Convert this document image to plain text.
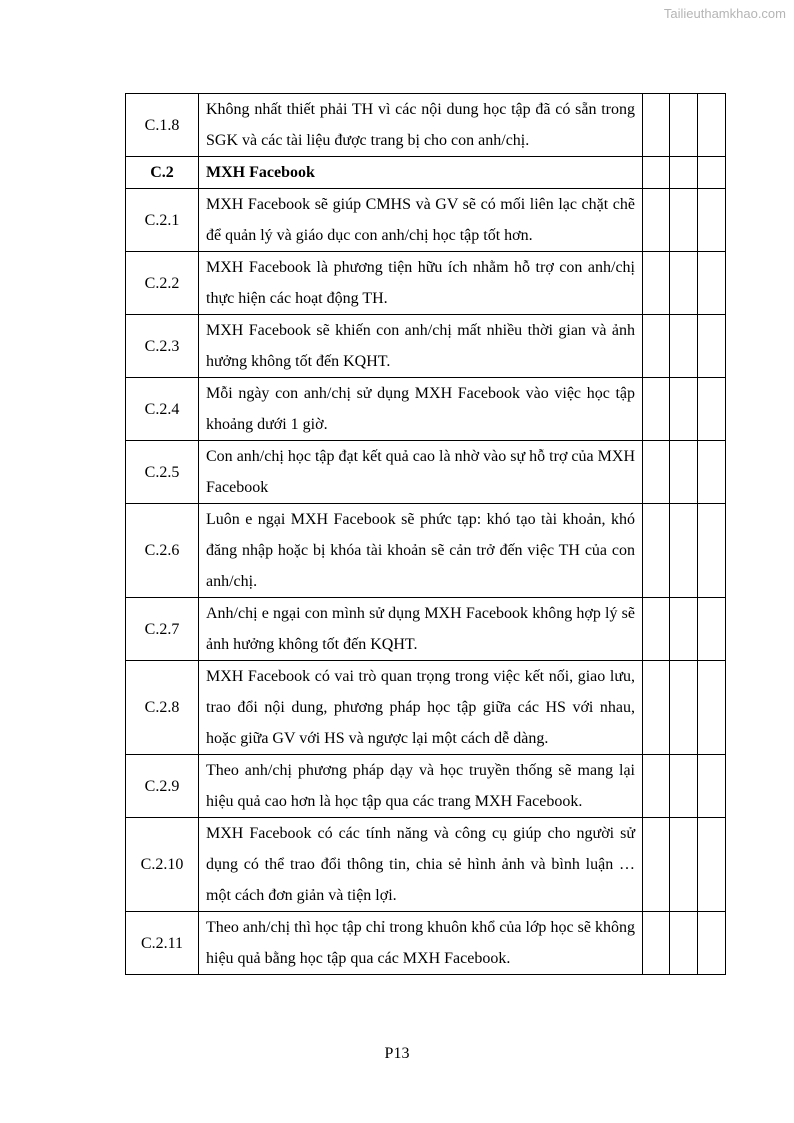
Tailieuthamkhao.com
C.1.8	Không nhất thiết phải TH vì các nội dung học tập đã có sẵn trong SGK và các tài liệu được trang bị cho con anh/chị.			
C.2	MXH Facebook			
C.2.1	MXH Facebook sẽ giúp CMHS và GV sẽ có mối liên lạc chặt chẽ để quản lý và giáo dục con anh/chị học tập tốt hơn.			
C.2.2	MXH Facebook là phương tiện hữu ích nhằm hỗ trợ con anh/chị thực hiện các hoạt động TH.			
C.2.3	MXH Facebook sẽ khiến con anh/chị mất nhiều thời gian và ảnh hưởng không tốt đến KQHT.			
C.2.4	Mỗi ngày con anh/chị sử dụng MXH Facebook vào việc học tập khoảng dưới 1 giờ.			
C.2.5	Con anh/chị học tập đạt kết quả cao là nhờ vào sự hỗ trợ của MXH Facebook			
C.2.6	Luôn e ngại MXH Facebook sẽ phức tạp: khó tạo tài khoản, khó đăng nhập hoặc bị khóa tài khoản sẽ cản trở đến việc TH của con anh/chị.			
C.2.7	Anh/chị e ngại con mình sử dụng MXH Facebook không hợp lý sẽ ảnh hưởng không tốt đến KQHT.			
C.2.8	MXH Facebook có vai trò quan trọng trong việc kết nối, giao lưu, trao đổi nội dung, phương pháp học tập giữa các HS với nhau, hoặc giữa GV với HS và ngược lại một cách dễ dàng.			
C.2.9	Theo anh/chị phương pháp dạy và học truyền thống sẽ mang lại hiệu quả cao hơn là học tập qua các trang MXH Facebook.			
C.2.10	MXH Facebook có các tính năng và công cụ giúp cho người sử dụng có thể trao đổi thông tin, chia sẻ hình ảnh và bình luận … một cách đơn giản và tiện lợi.			
C.2.11	Theo anh/chị thì học tập chỉ trong khuôn khổ của lớp học sẽ không hiệu quả bằng học tập qua các MXH Facebook.			
P13
